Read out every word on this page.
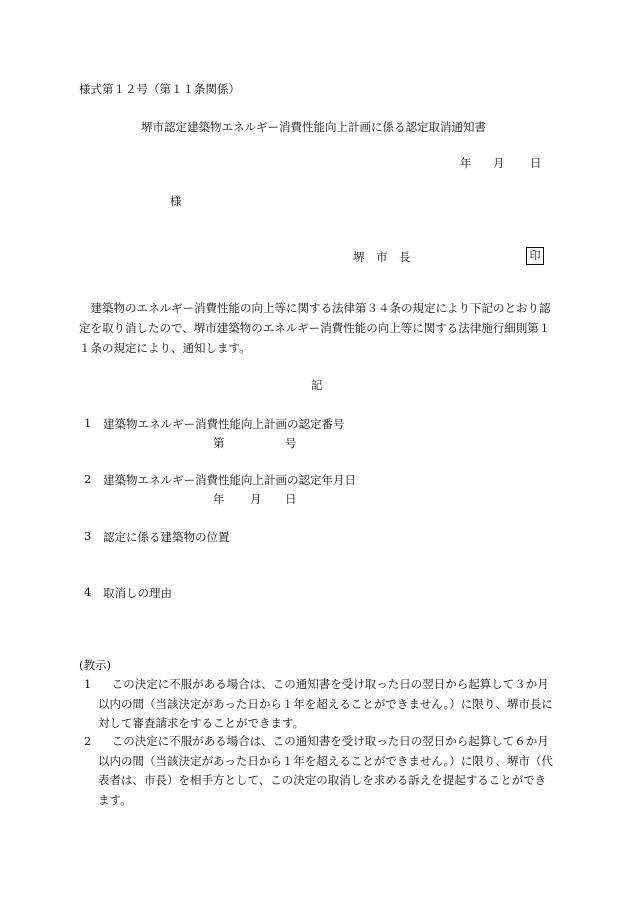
様式第１２号（第１１条関係）
堺市認定建築物エネルギー消費性能向上計画に係る認定取消通知書
年 月 日
様
堺　市　長	印
建築物のエネルギー消費性能の向上等に関する法律第３４条の規定により下記のとおり認定を取り消したので、堺市建築物のエネルギー消費性能の向上等に関する法律施行細則第１１条の規定により、通知します。
記
1 建築物エネルギー消費性能向上計画の認定番号
第	号
2 建築物エネルギー消費性能向上計画の認定年月日
年 月 日
3 認定に係る建築物の位置
4 取消しの理由
(教示)
1	この決定に不服がある場合は、この通知書を受け取った日の翌日から起算して３か月以内の間（当該決定があった日から１年を超えることができません。）に限り、堺市長に対して審査請求をすることができます。
2	この決定に不服がある場合は、この通知書を受け取った日の翌日から起算して６か月以内の間（当該決定があった日から１年を超えることができません。）に限り、堺市（代表者は、市長）を相手方として、この決定の取消しを求める訴えを提起することができます。
